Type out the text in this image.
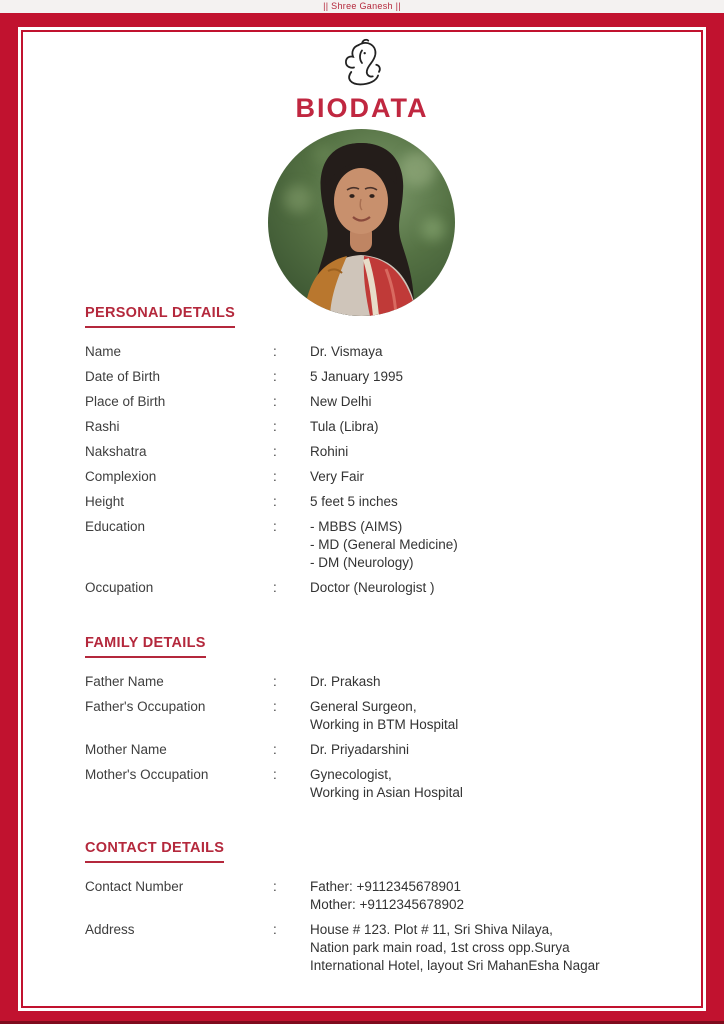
|| Shree Ganesh ||
BIODATA
PERSONAL DETAILS
Name	:	Dr. Vismaya
Date of Birth	:	5 January 1995
Place of Birth	:	New Delhi
Rashi	:	Tula (Libra)
Nakshatra	:	Rohini
Complexion	:	Very Fair
Height	:	5 feet 5 inches
Education	:	- MBBS (AIMS)
- MD (General Medicine)
- DM (Neurology)
Occupation	:	Doctor (Neurologist )
FAMILY DETAILS
Father Name	:	Dr. Prakash
Father's Occupation	:	General Surgeon,
Working in BTM Hospital
Mother Name	:	Dr. Priyadarshini
Mother's Occupation	:	Gynecologist,
Working in Asian Hospital
CONTACT DETAILS
Contact Number	:	Father: +9112345678901
Mother: +9112345678902
Address	:	House # 123. Plot # 11, Sri Shiva Nilaya,
Nation park main road, 1st cross opp.Surya
International Hotel, layout Sri MahanEsha Nagar
